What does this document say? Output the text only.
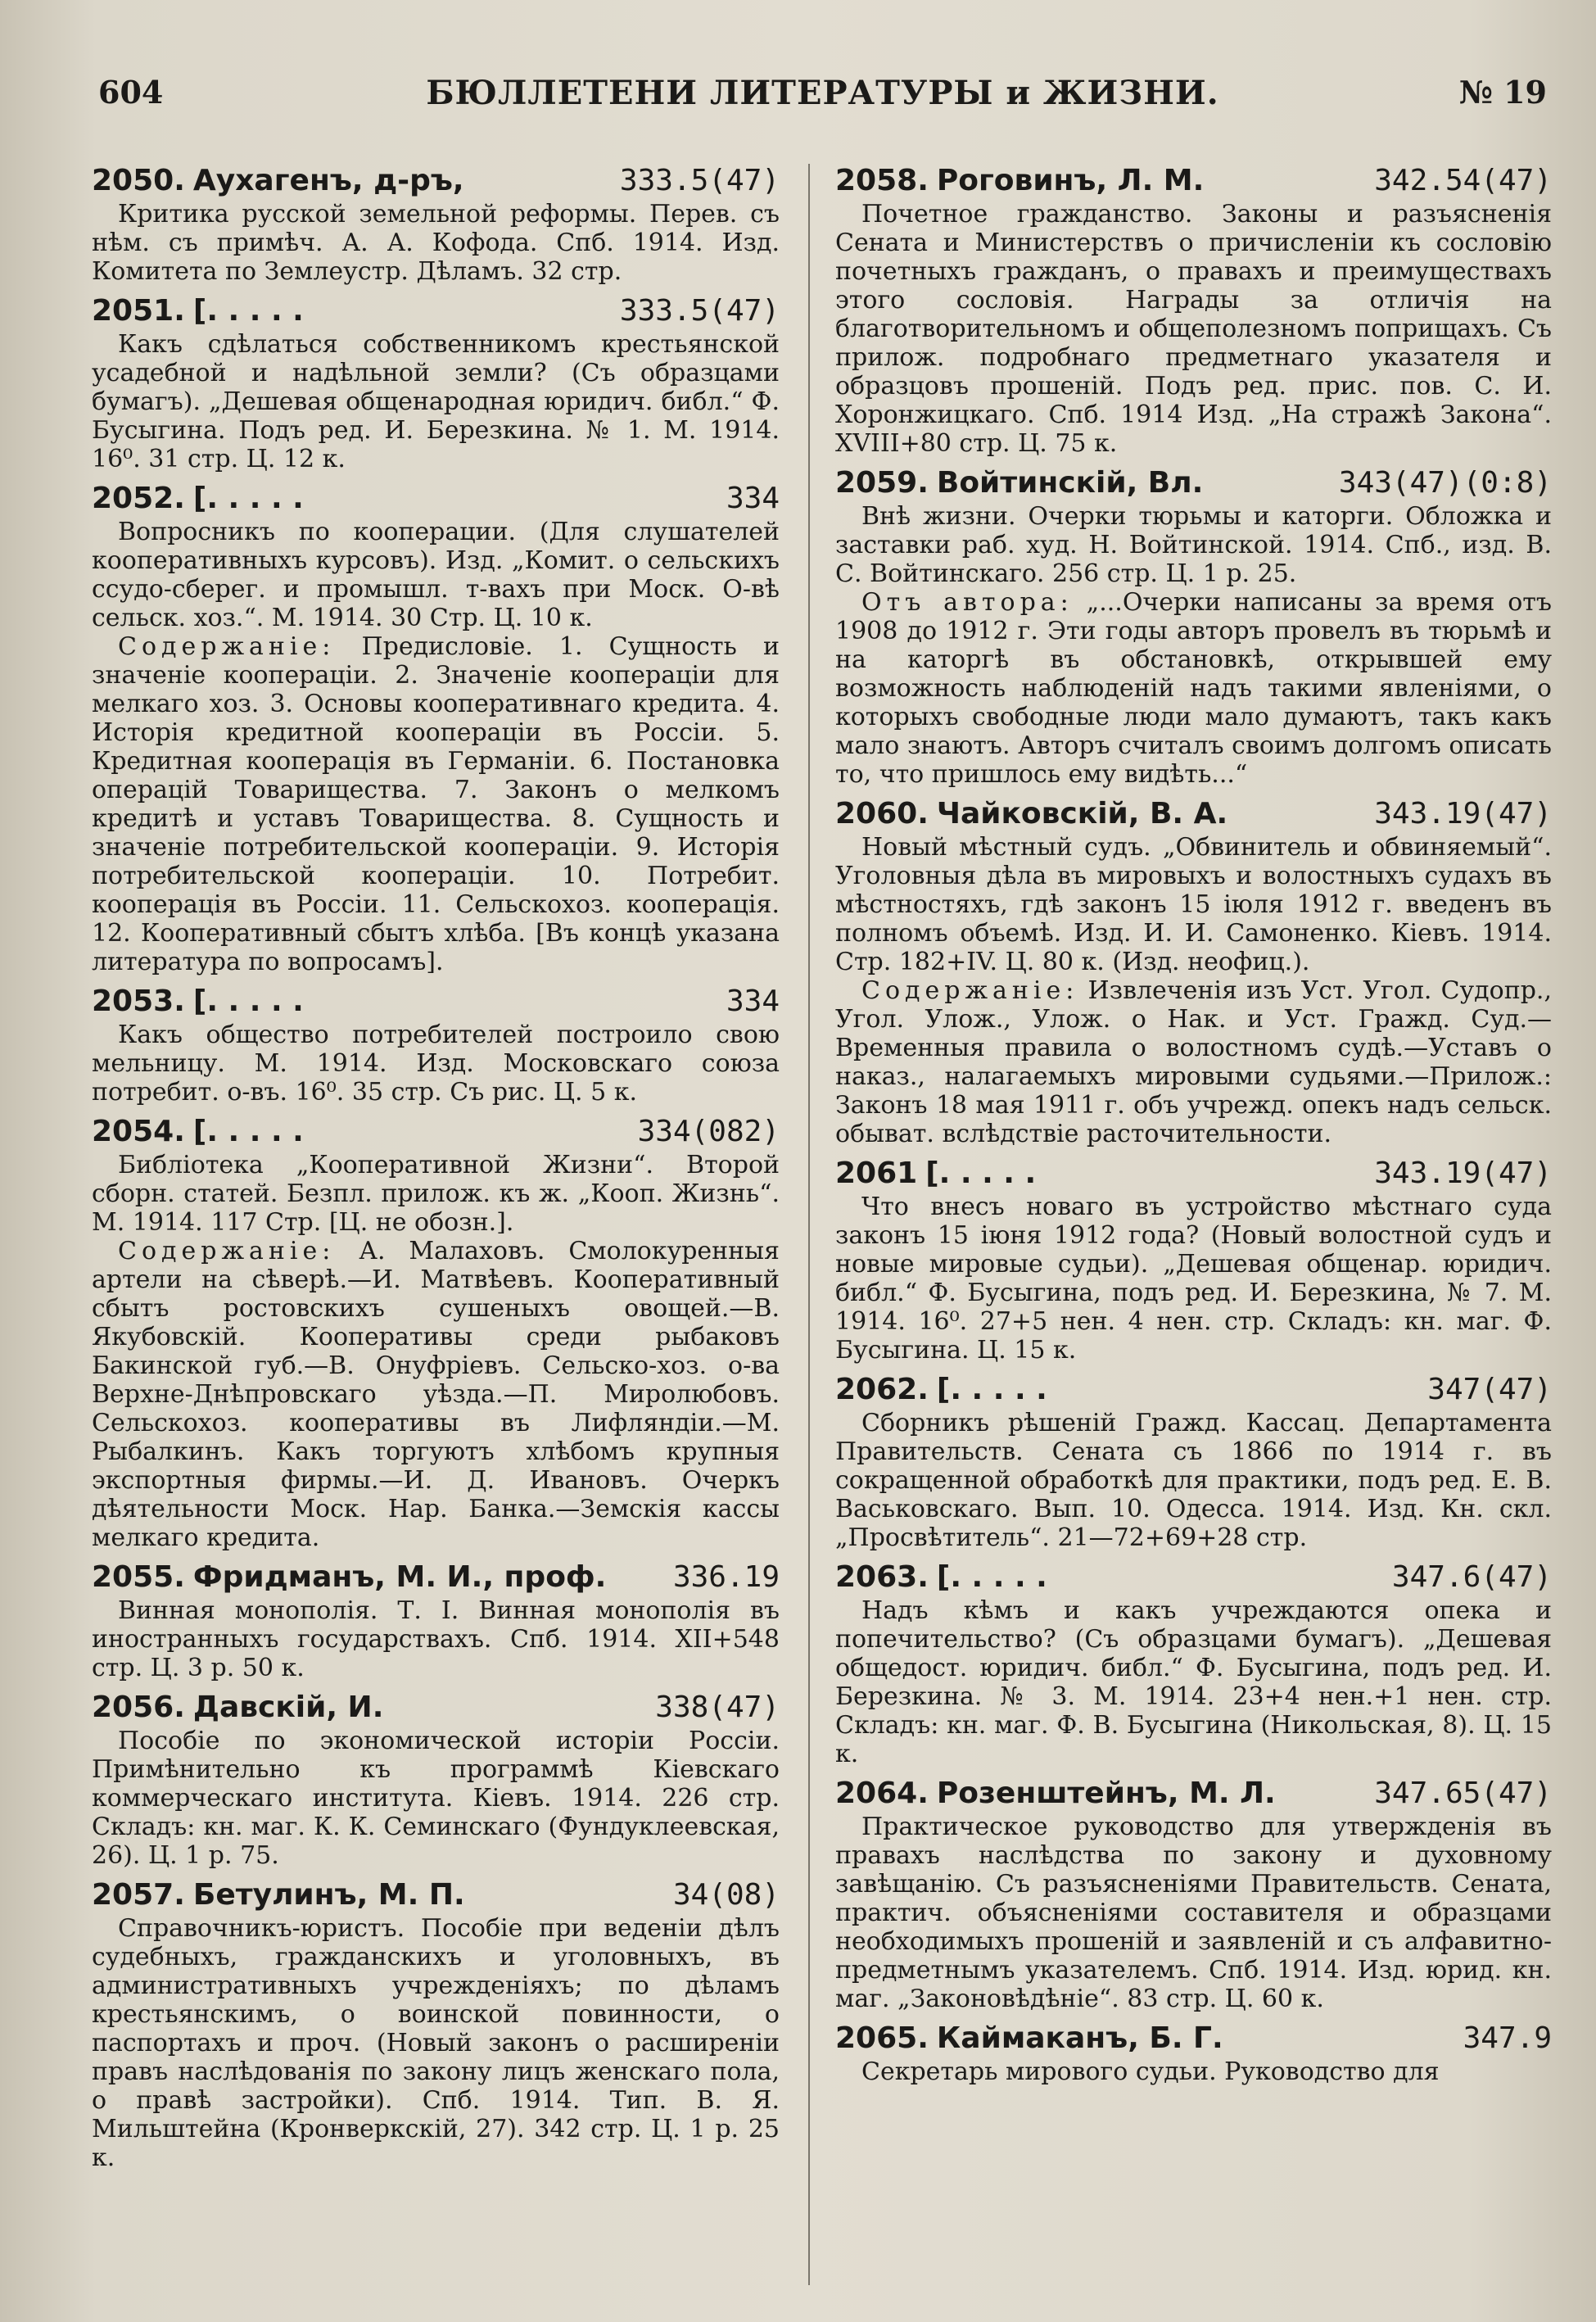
604	БЮЛЛЕТЕНИ ЛИТЕРАТУРЫ и ЖИЗНИ.	№ 19
2050. Аухагенъ, д-ръ,	333.5(47)

Критика русской земельной реформы. Перев. съ нѣм. съ примѣч. А. А. Кофода. Спб. 1914. Изд. Комитета по Землеустр. Дѣламъ. 32 стр.

2051. [. . . . .	333.5(47)

Какъ сдѣлаться собственникомъ крестьянской усадебной и надѣльной земли? (Съ образцами бумагъ). „Дешевая общенародная юридич. библ.“ Ф. Бусыгина. Подъ ред. И. Березкина. № 1. М. 1914. 16⁰. 31 стр. Ц. 12 к.

2052. [. . . . .	334

Вопросникъ по кооперации. (Для слушателей кооперативныхъ курсовъ). Изд. „Комит. о сельскихъ ссудо-сберег. и промышл. т-вахъ при Моск. О-вѣ сельск. хоз.“. М. 1914. 30 Стр. Ц. 10 к.

Содержаніе: Предисловіе. 1. Сущность и значеніе коопераціи. 2. Значеніе коопераціи для мелкаго хоз. 3. Основы кооперативнаго кредита. 4. Исторія кредитной коопераціи въ Россіи. 5. Кредитная кооперація въ Германіи. 6. Постановка операцій Товарищества. 7. Законъ о мелкомъ кредитѣ и уставъ Товарищества. 8. Сущность и значеніе потребительской коопераціи. 9. Исторія потребительской коопераціи. 10. Потребит. кооперація въ Россіи. 11. Сельскохоз. кооперація. 12. Кооперативный сбытъ хлѣба. [Въ концѣ указана литература по вопросамъ].

2053. [. . . . .	334

Какъ общество потребителей построило свою мельницу. М. 1914. Изд. Московскаго союза потребит. о-въ. 16⁰. 35 стр. Съ рис. Ц. 5 к.

2054. [. . . . .	334(082)

Библіотека „Кооперативной Жизни“. Второй сборн. статей. Безпл. прилож. къ ж. „Кооп. Жизнь“. М. 1914. 117 Стр. [Ц. не обозн.].

Содержаніе: А. Малаховъ. Смолокуренныя артели на сѣверѣ.—И. Матвѣевъ. Кооперативный сбытъ ростовскихъ сушеныхъ овощей.—В. Якубовскій. Кооперативы среди рыбаковъ Бакинской губ.—В. Онуфріевъ. Сельско-хоз. о-ва Верхне-Днѣпровскаго уѣзда.—П. Миролюбовъ. Сельскохоз. кооперативы въ Лифляндіи.—М. Рыбалкинъ. Какъ торгуютъ хлѣбомъ крупныя экспортныя фирмы.—И. Д. Ивановъ. Очеркъ дѣятельности Моск. Нар. Банка.—Земскія кассы мелкаго кредита.

2055. Фридманъ, М. И., проф. 336.19

Винная монополія. Т. I. Винная монополія въ иностранныхъ государствахъ. Спб. 1914. XII+548 стр. Ц. 3 р. 50 к.

2056. Давскій, И.	338(47)

Пособіе по экономической исторіи Россіи. Примѣнительно къ программѣ Кіевскаго коммерческаго института. Кіевъ. 1914. 226 стр. Складъ: кн. маг. К. К. Семинскаго (Фундуклеевская, 26). Ц. 1 р. 75.

2057. Бетулинъ, М. П.	34(08)

Справочникъ-юристъ. Пособіе при веденіи дѣлъ судебныхъ, гражданскихъ и уголовныхъ, въ административныхъ учрежденіяхъ; по дѣламъ крестьянскимъ, о воинской повинности, о паспортахъ и проч. (Новый законъ о расширеніи правъ наслѣдованія по закону лицъ женскаго пола, о правѣ застройки). Спб. 1914. Тип. В. Я. Мильштейна (Кронверкскій, 27). 342 стр. Ц. 1 р. 25 к.

2058. Роговинъ, Л. М.	342.54(47)

Почетное гражданство. Законы и разъясненія Сената и Министерствъ о причисленіи къ сословію почетныхъ гражданъ, о правахъ и преимуществахъ этого сословія. Награды за отличія на благотворительномъ и общеполезномъ поприщахъ. Съ прилож. подробнаго предметнаго указателя и образцовъ прошеній. Подъ ред. прис. пов. С. И. Хоронжицкаго. Спб. 1914 Изд. „На стражѣ Закона“. XVIII+80 стр. Ц. 75 к.

2059. Войтинскій, Вл.	343(47)(0:8)

Внѣ жизни. Очерки тюрьмы и каторги. Обложка и заставки раб. худ. Н. Войтинской. 1914. Спб., изд. В. С. Войтинскаго. 256 стр. Ц. 1 р. 25.

Отъ автора: „...Очерки написаны за время отъ 1908 до 1912 г. Эти годы авторъ провелъ въ тюрьмѣ и на каторгѣ въ обстановкѣ, открывшей ему возможность наблюденій надъ такими явленіями, о которыхъ свободные люди мало думаютъ, такъ какъ мало знаютъ. Авторъ считалъ своимъ долгомъ описать то, что пришлось ему видѣть...“

2060. Чайковскій, В. А.	343.19(47)

Новый мѣстный судъ. „Обвинитель и обвиняемый“. Уголовныя дѣла въ мировыхъ и волостныхъ судахъ въ мѣстностяхъ, гдѣ законъ 15 іюля 1912 г. введенъ въ полномъ объемѣ. Изд. И. И. Самоненко. Кіевъ. 1914. Стр. 182+IV. Ц. 80 к. (Изд. неофиц.).

Содержаніе: Извлеченія изъ Уст. Угол. Судопр., Угол. Улож., Улож. о Нак. и Уст. Гражд. Суд.—Временныя правила о волостномъ судѣ.—Уставъ о наказ., налагаемыхъ мировыми судьями.—Прилож.: Законъ 18 мая 1911 г. объ учрежд. опекъ надъ сельск. обыват. вслѣдствіе расточительности.

2061 [. . . . .	343.19(47)

Что внесъ новаго въ устройство мѣстнаго суда законъ 15 іюня 1912 года? (Новый волостной судъ и новые мировые судьи). „Дешевая общенар. юридич. библ.“ Ф. Бусыгина, подъ ред. И. Березкина, № 7. М. 1914. 16⁰. 27+5 нен. 4 нен. стр. Складъ: кн. маг. Ф. Бусыгина. Ц. 15 к.

2062. [. . . . .	347(47)

Сборникъ рѣшеній Гражд. Кассац. Департамента Правительств. Сената съ 1866 по 1914 г. въ сокращенной обработкѣ для практики, подъ ред. Е. В. Васьковскаго. Вып. 10. Одесса. 1914. Изд. Кн. скл. „Просвѣтитель“. 21—72+69+28 стр.

2063. [. . . . .	347.6(47)

Надъ кѣмъ и какъ учреждаются опека и попечительство? (Съ образцами бумагъ). „Дешевая общедост. юридич. библ.“ Ф. Бусыгина, подъ ред. И. Березкина. № 3. М. 1914. 23+4 нен.+1 нен. стр. Складъ: кн. маг. Ф. В. Бусыгина (Никольская, 8). Ц. 15 к.

2064. Розенштейнъ, М. Л.	347.65(47)

Практическое руководство для утвержденія въ правахъ наслѣдства по закону и духовному завѣщанію. Съ разъясненіями Правительств. Сената, практич. объясненіями составителя и образцами необходимыхъ прошеній и заявленій и съ алфавитно-предметнымъ указателемъ. Спб. 1914. Изд. юрид. кн. маг. „Законовѣдѣніе“. 83 стр. Ц. 60 к.

2065. Каймаканъ, Б. Г.	347.9

Секретарь мирового судьи. Руководство для
